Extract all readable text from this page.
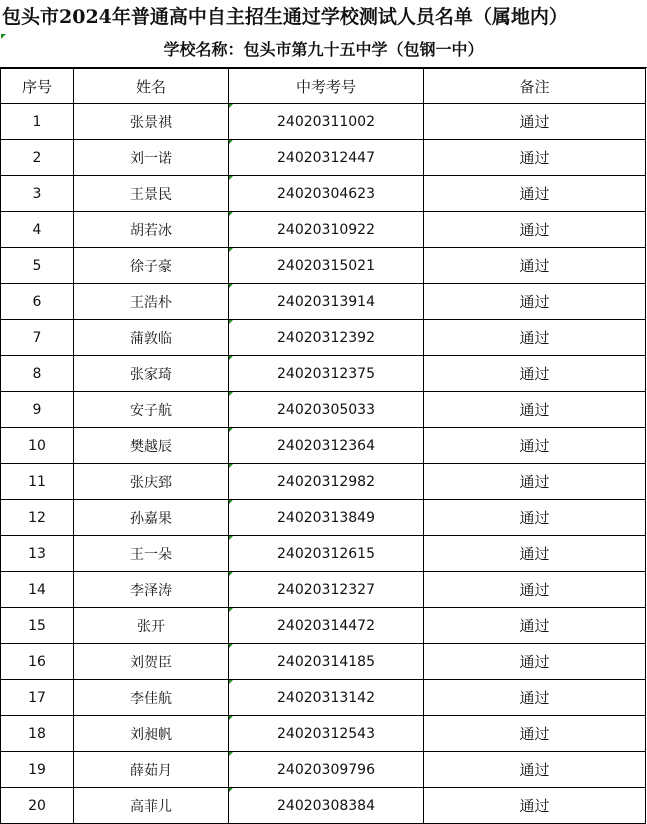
包头市2024年普通高中自主招生通过学校测试人员名单（属地内）
学校名称：包头市第九十五中学（包钢一中）
序号	姓名	中考考号	备注
1	张景祺	24020311002	通过
2	刘一诺	24020312447	通过
3	王景民	24020304623	通过
4	胡若冰	24020310922	通过
5	徐子豪	24020315021	通过
6	王浩朴	24020313914	通过
7	蒲敦临	24020312392	通过
8	张家琦	24020312375	通过
9	安子航	24020305033	通过
10	樊越辰	24020312364	通过
11	张庆郅	24020312982	通过
12	孙嘉果	24020313849	通过
13	王一朵	24020312615	通过
14	李泽涛	24020312327	通过
15	张开	24020314472	通过
16	刘贺臣	24020314185	通过
17	李佳航	24020313142	通过
18	刘昶帆	24020312543	通过
19	薛茹月	24020309796	通过
20	高菲儿	24020308384	通过
